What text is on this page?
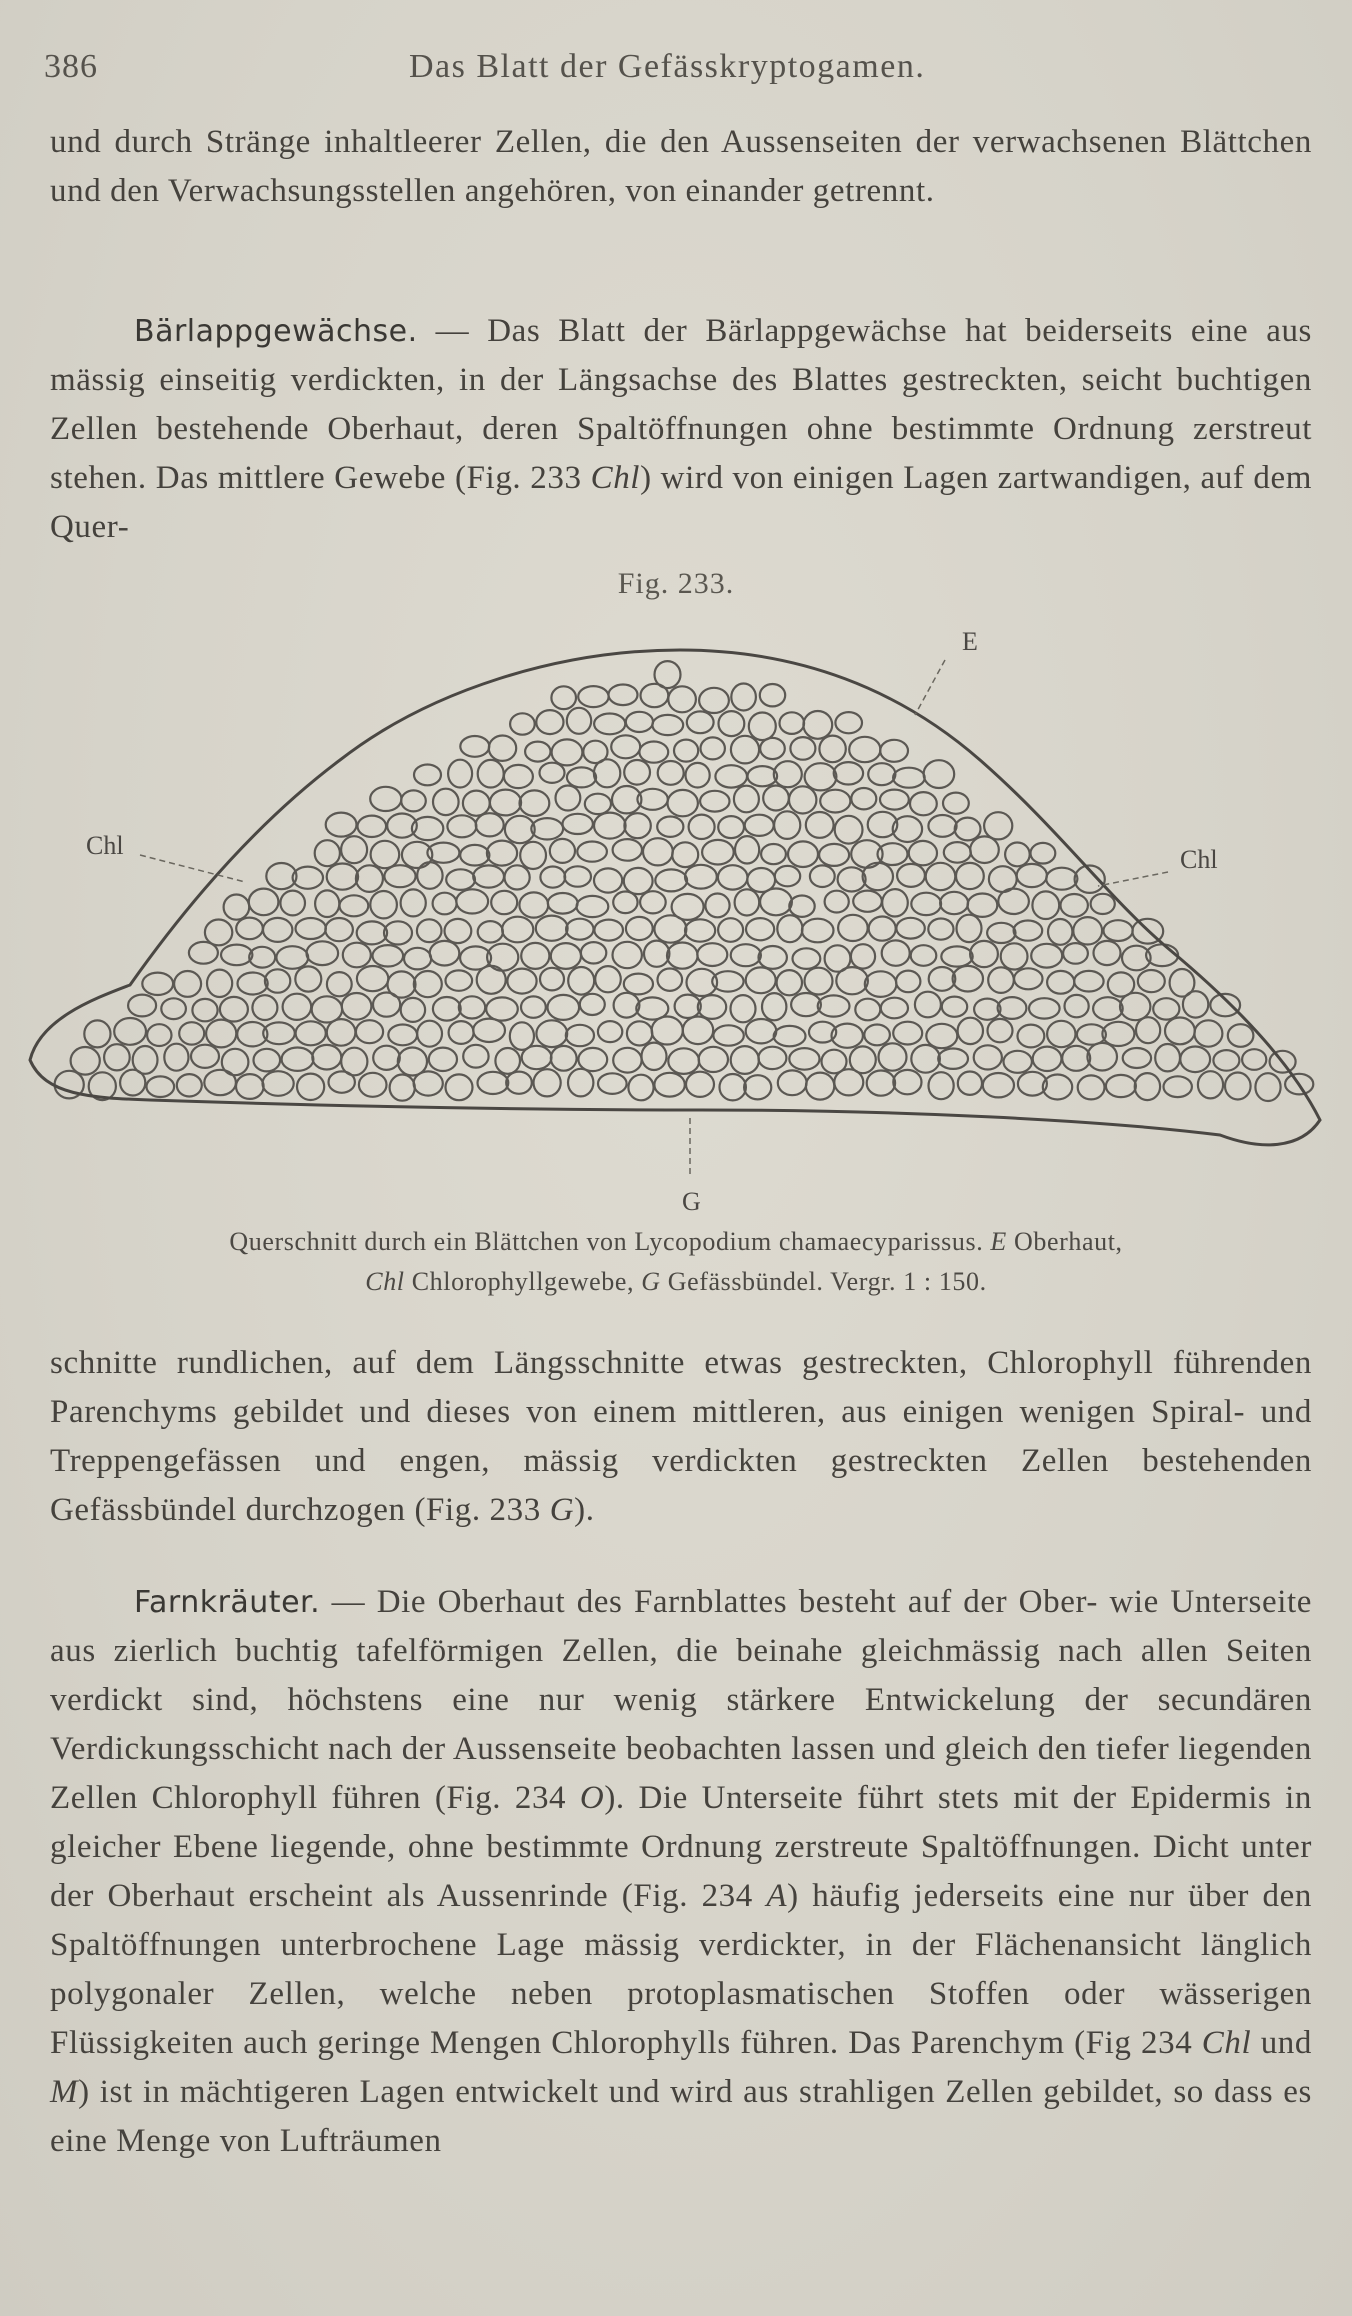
386	Das Blatt der Gefässkryptogamen.
und durch Stränge inhaltleerer Zellen, die den Aussenseiten der verwachsenen Blättchen und den Verwachsungsstellen angehören, von einander getrennt.
Bärlappgewächse. — Das Blatt der Bärlappgewächse hat beiderseits eine aus mässig einseitig verdickten, in der Längsachse des Blattes gestreckten, seicht buchtigen Zellen bestehende Oberhaut, deren Spaltöffnungen ohne bestimmte Ordnung zerstreut stehen. Das mittlere Gewebe (Fig. 233 Chl) wird von einigen Lagen zartwandigen, auf dem Quer-
Fig. 233.
E
Chl	Chl
G
Querschnitt durch ein Blättchen von Lycopodium chamaecyparissus. E Oberhaut,
Chl Chlorophyllgewebe, G Gefässbündel. Vergr. 1 : 150.
schnitte rundlichen, auf dem Längsschnitte etwas gestreckten, Chlorophyll führenden Parenchyms gebildet und dieses von einem mittleren, aus einigen wenigen Spiral- und Treppengefässen und engen, mässig verdickten gestreckten Zellen bestehenden Gefässbündel durchzogen (Fig. 233 G).
Farnkräuter. — Die Oberhaut des Farnblattes besteht auf der Ober- wie Unterseite aus zierlich buchtig tafelförmigen Zellen, die beinahe gleichmässig nach allen Seiten verdickt sind, höchstens eine nur wenig stärkere Entwickelung der secundären Verdickungsschicht nach der Aussenseite beobachten lassen und gleich den tiefer liegenden Zellen Chlorophyll führen (Fig. 234 O). Die Unterseite führt stets mit der Epidermis in gleicher Ebene liegende, ohne bestimmte Ordnung zerstreute Spaltöffnungen. Dicht unter der Oberhaut erscheint als Aussenrinde (Fig. 234 A) häufig jederseits eine nur über den Spaltöffnungen unterbrochene Lage mässig verdickter, in der Flächenansicht länglich polygonaler Zellen, welche neben protoplasmatischen Stoffen oder wässerigen Flüssigkeiten auch geringe Mengen Chlorophylls führen. Das Parenchym (Fig 234 Chl und M) ist in mächtigeren Lagen entwickelt und wird aus strahligen Zellen gebildet, so dass es eine Menge von Lufträumen
